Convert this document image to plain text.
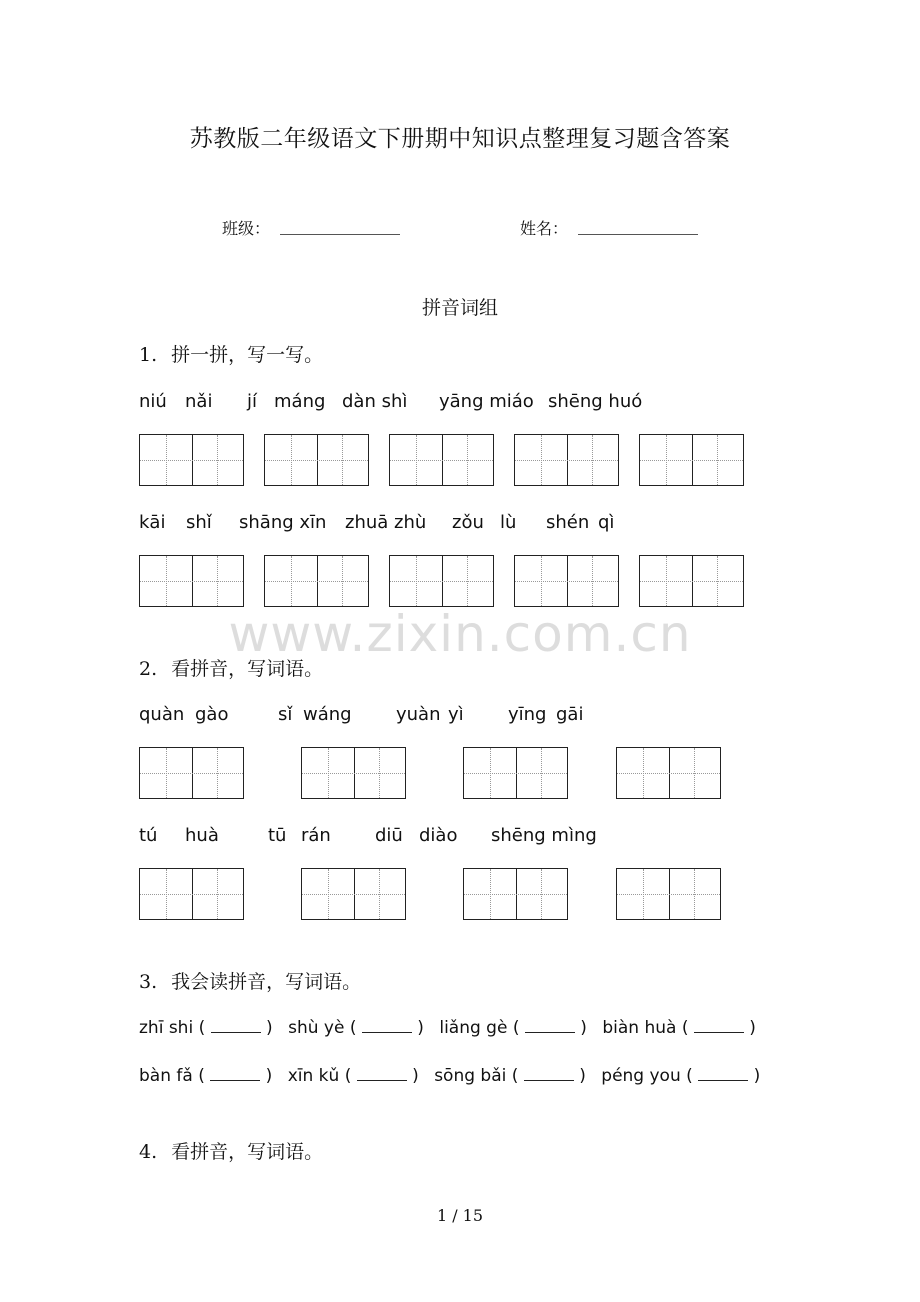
苏教版二年级语文下册期中知识点整理复习题含答案
班级：	姓名：
拼音词组
1. 拼一拼，写一写。
niú nǎi jí máng dàn shì yāng miáo shēng huó
kāi shǐ shāng xīn zhuā zhù zǒu lù shén qì
www.zixin.com.cn
2. 看拼音，写词语。
quàn gào	sǐ wáng yuàn yì yīng gāi
tú huà	tū rán diū diào shēng mìng
3. 我会读拼音，写词语。
zhī shi (	) shù yè (	) liǎng gè (	) biàn huà (	)
bàn fǎ (	) xīn kǔ (	) sōng bǎi (	) péng you (	)
4. 看拼音，写词语。
1 / 15
